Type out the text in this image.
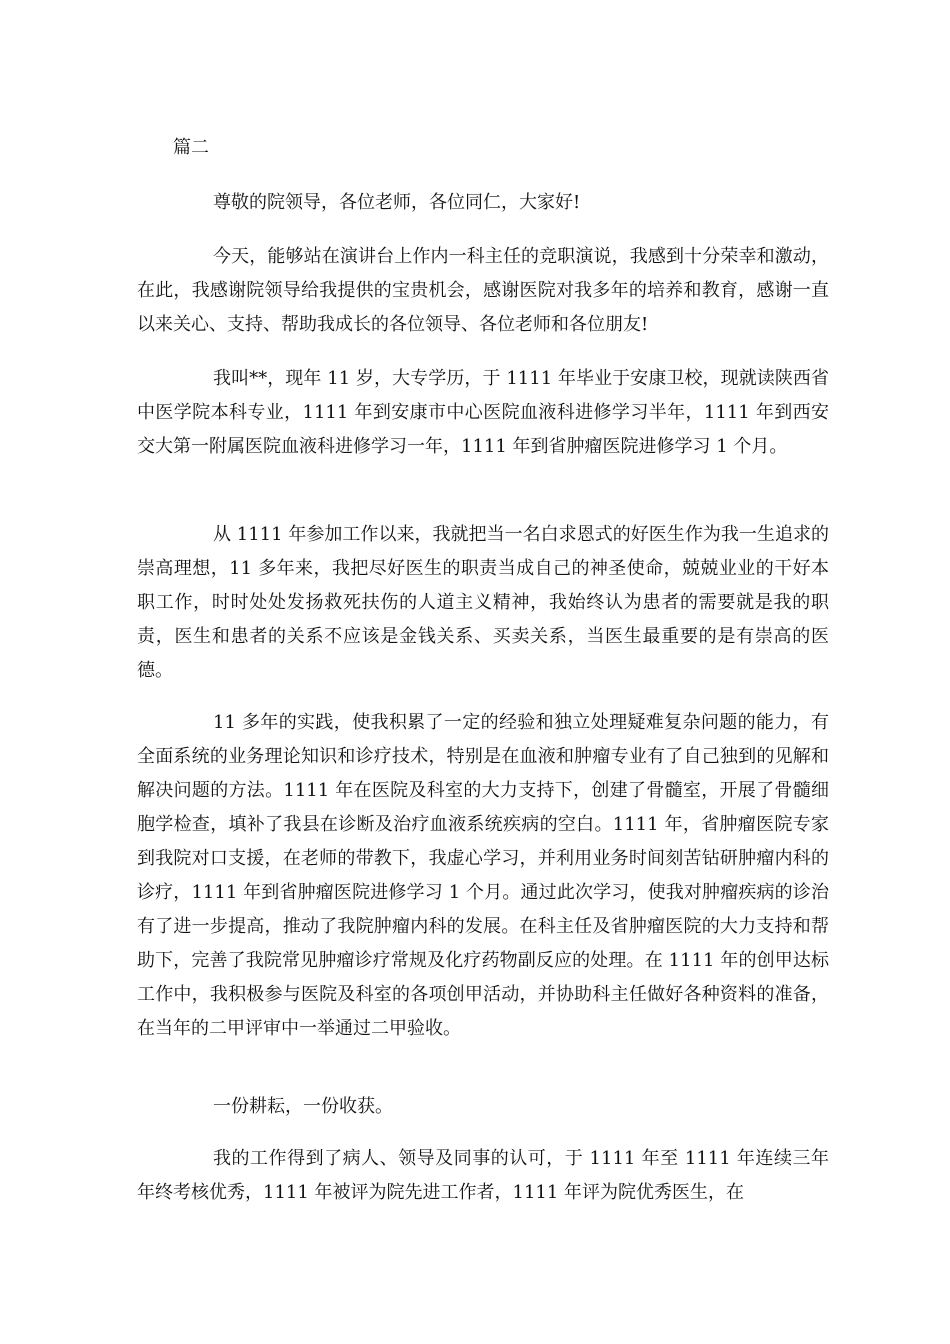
篇二

尊敬的院领导，各位老师，各位同仁，大家好!

今天，能够站在演讲台上作内一科主任的竞职演说，我感到十分荣幸和激动，在此，我感谢院领导给我提供的宝贵机会，感谢医院对我多年的培养和教育，感谢一直以来关心、支持、帮助我成长的各位领导、各位老师和各位朋友!

我叫**，现年 11 岁，大专学历，于 1111 年毕业于安康卫校，现就读陕西省中医学院本科专业，1111 年到安康市中心医院血液科进修学习半年，1111 年到西安交大第一附属医院血液科进修学习一年，1111 年到省肿瘤医院进修学习 1 个月。

从 1111 年参加工作以来，我就把当一名白求恩式的好医生作为我一生追求的崇高理想，11 多年来，我把尽好医生的职责当成自己的神圣使命，兢兢业业的干好本职工作，时时处处发扬救死扶伤的人道主义精神，我始终认为患者的需要就是我的职责，医生和患者的关系不应该是金钱关系、买卖关系，当医生最重要的是有崇高的医德。

11 多年的实践，使我积累了一定的经验和独立处理疑难复杂问题的能力，有全面系统的业务理论知识和诊疗技术，特别是在血液和肿瘤专业有了自己独到的见解和解决问题的方法。1111 年在医院及科室的大力支持下，创建了骨髓室，开展了骨髓细胞学检查，填补了我县在诊断及治疗血液系统疾病的空白。1111 年，省肿瘤医院专家到我院对口支援，在老师的带教下，我虚心学习，并利用业务时间刻苦钻研肿瘤内科的诊疗，1111 年到省肿瘤医院进修学习 1 个月。通过此次学习，使我对肿瘤疾病的诊治有了进一步提高，推动了我院肿瘤内科的发展。在科主任及省肿瘤医院的大力支持和帮助下，完善了我院常见肿瘤诊疗常规及化疗药物副反应的处理。在 1111 年的创甲达标工作中，我积极参与医院及科室的各项创甲活动，并协助科主任做好各种资料的准备，在当年的二甲评审中一举通过二甲验收。

一份耕耘，一份收获。

我的工作得到了病人、领导及同事的认可，于 1111 年至 1111 年连续三年年终考核优秀，1111 年被评为院先进工作者，1111 年评为院优秀医生，在
